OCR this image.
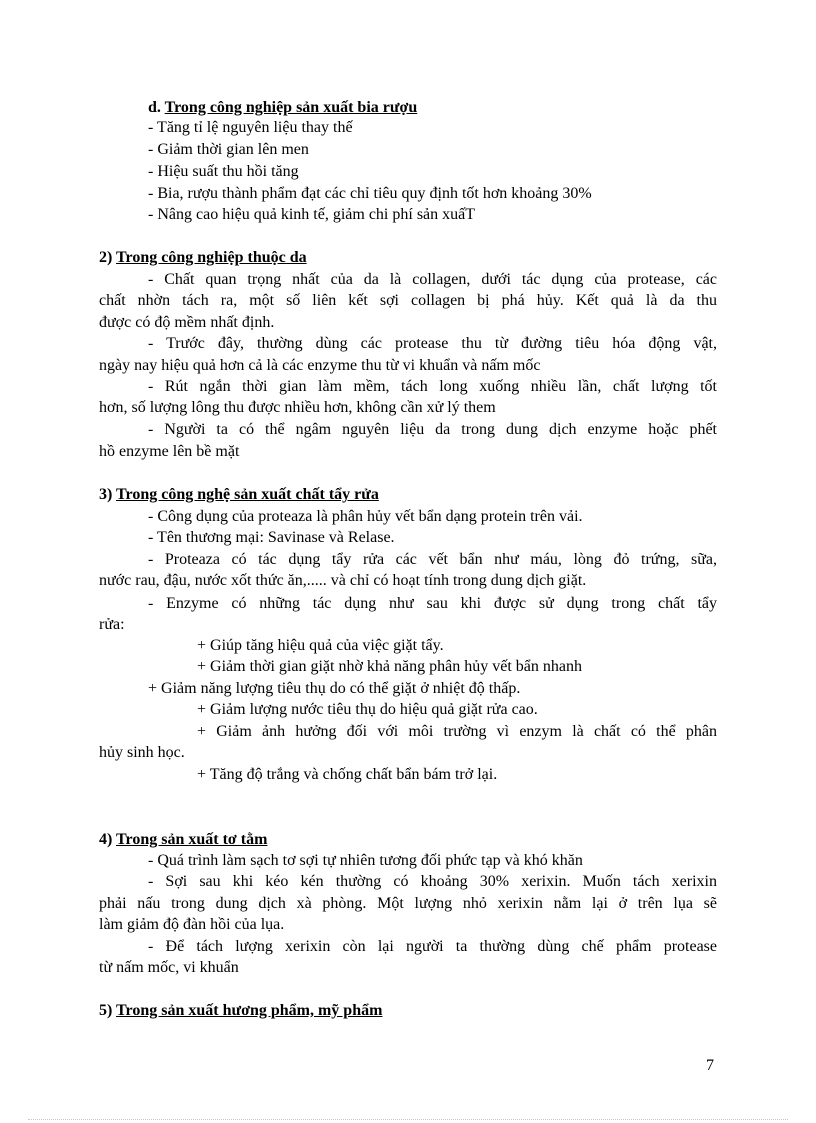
d. Trong công nghiệp sản xuất bia rượu
- Tăng tỉ lệ nguyên liệu thay thế
- Giảm thời gian lên men
- Hiệu suất thu hồi tăng
- Bia, rượu thành phẩm đạt các chỉ tiêu quy định tốt hơn khoảng 30%
- Nâng cao hiệu quả kinh tế, giảm chi phí sản xuấT
2) Trong công nghiệp thuộc da
- Chất quan trọng nhất của da là collagen, dưới tác dụng của protease, các
chất nhờn tách ra, một số liên kết sợi collagen bị phá hủy. Kết quả là da thu
được có độ mềm nhất định.
- Trước đây, thường dùng các protease thu từ đường tiêu hóa động vật,
ngày nay hiệu quả hơn cả là các enzyme thu từ vi khuẩn và nấm mốc
- Rút ngắn thời gian làm mềm, tách long xuống nhiều lần, chất lượng tốt
hơn, số lượng lông thu được nhiều hơn, không cần xử lý them
- Người ta có thể ngâm nguyên liệu da trong dung dịch enzyme hoặc phết
hồ enzyme lên bề mặt
3) Trong công nghệ sản xuất chất tẩy rửa
- Công dụng của proteaza là phân hủy vết bẩn dạng protein trên vải.
- Tên thương mại: Savinase và Relase.
- Proteaza có tác dụng tẩy rửa các vết bẩn như máu, lòng đỏ trứng, sữa,
nước rau, đậu, nước xốt thức ăn,..... và chỉ có hoạt tính trong dung dịch giặt.
- Enzyme có những tác dụng như sau khi được sử dụng trong chất tẩy
rửa:
+ Giúp tăng hiệu quả của việc giặt tẩy.
+ Giảm thời gian giặt nhờ khả năng phân hủy vết bẩn nhanh
+ Giảm năng lượng tiêu thụ do có thể giặt ở nhiệt độ thấp.
+ Giảm lượng nước tiêu thụ do hiệu quả giặt rửa cao.
+ Giảm ảnh hưởng đối với môi trường vì enzym là chất có thể phân
hủy sinh học.
+ Tăng độ trắng và chống chất bẩn bám trở lại.
4) Trong sản xuất tơ tằm
- Quá trình làm sạch tơ sợi tự nhiên tương đối phức tạp và khó khăn
- Sợi sau khi kéo kén thường có khoảng 30% xerixin. Muốn tách xerixin
phải nấu trong dung dịch xà phòng. Một lượng nhỏ xerixin nằm lại ở trên lụa sẽ
làm giảm độ đàn hồi của lụa.
- Để tách lượng xerixin còn lại người ta thường dùng chế phẩm protease
từ nấm mốc, vi khuẩn
5) Trong sản xuất hương phẩm, mỹ phẩm
7
